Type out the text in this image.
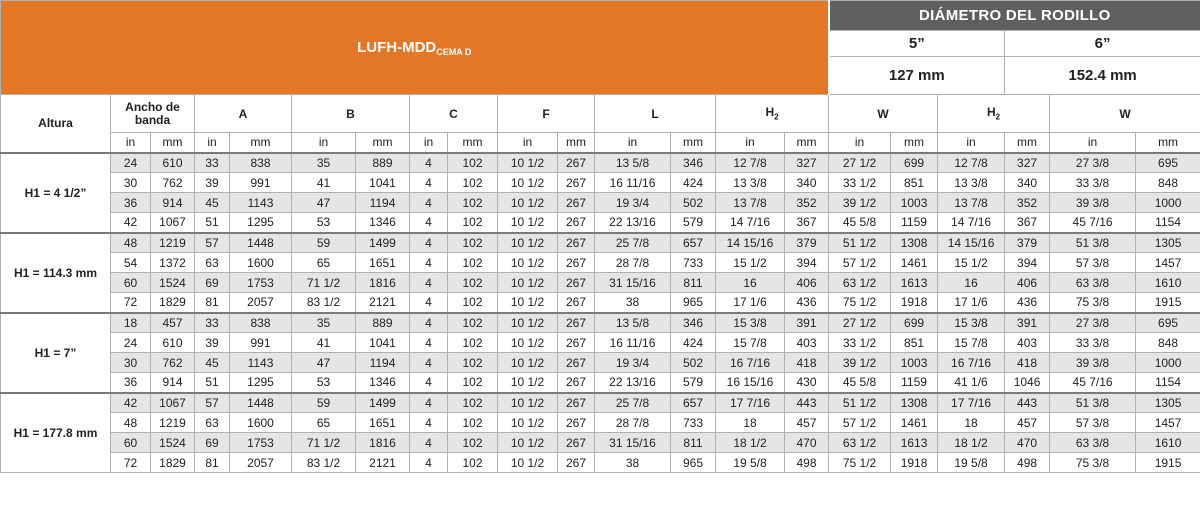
LUFH-$MDD_{CEMA D}$															DIÁMETRO DEL RODILLO					
															5”			6”		
															127 mm			152.4 mm		
Altura	Ancho de banda		A		B		C		F		L		$H_2$		W		$H_2$		W	
	in	mm	in	mm	in	mm	in	mm	in	mm	in	mm	in	mm	in	mm	in	mm	in	mm
H1 = 4 1/2”	24	610	33	838	35	889	4	102	10 1/2	267	13 5/8	346	12 7/8	327	27 1/2	699	12 7/8	327	27 3/8	695
	30	762	39	991	41	1041	4	102	10 1/2	267	16 11/16	424	13 3/8	340	33 1/2	851	13 3/8	340	33 3/8	848
	36	914	45	1143	47	1194	4	102	10 1/2	267	19 3/4	502	13 7/8	352	39 1/2	1003	13 7/8	352	39 3/8	1000
	42	1067	51	1295	53	1346	4	102	10 1/2	267	22 13/16	579	14 7/16	367	45 5/8	1159	14 7/16	367	45 7/16	1154
H1 = 114.3 mm	48	1219	57	1448	59	1499	4	102	10 1/2	267	25 7/8	657	14 15/16	379	51 1/2	1308	14 15/16	379	51 3/8	1305
	54	1372	63	1600	65	1651	4	102	10 1/2	267	28 7/8	733	15 1/2	394	57 1/2	1461	15 1/2	394	57 3/8	1457
	60	1524	69	1753	71 1/2	1816	4	102	10 1/2	267	31 15/16	811	16	406	63 1/2	1613	16	406	63 3/8	1610
	72	1829	81	2057	83 1/2	2121	4	102	10 1/2	267	38	965	17 1/6	436	75 1/2	1918	17 1/6	436	75 3/8	1915
H1 = 7”	18	457	33	838	35	889	4	102	10 1/2	267	13 5/8	346	15 3/8	391	27 1/2	699	15 3/8	391	27 3/8	695
	24	610	39	991	41	1041	4	102	10 1/2	267	16 11/16	424	15 7/8	403	33 1/2	851	15 7/8	403	33 3/8	848
	30	762	45	1143	47	1194	4	102	10 1/2	267	19 3/4	502	16 7/16	418	39 1/2	1003	16 7/16	418	39 3/8	1000
	36	914	51	1295	53	1346	4	102	10 1/2	267	22 13/16	579	16 15/16	430	45 5/8	1159	41 1/6	1046	45 7/16	1154
H1 = 177.8 mm	42	1067	57	1448	59	1499	4	102	10 1/2	267	25 7/8	657	17 7/16	443	51 1/2	1308	17 7/16	443	51 3/8	1305
	48	1219	63	1600	65	1651	4	102	10 1/2	267	28 7/8	733	18	457	57 1/2	1461	18	457	57 3/8	1457
	60	1524	69	1753	71 1/2	1816	4	102	10 1/2	267	31 15/16	811	18 1/2	470	63 1/2	1613	18 1/2	470	63 3/8	1610
	72	1829	81	2057	83 1/2	2121	4	102	10 1/2	267	38	965	19 5/8	498	75 1/2	1918	19 5/8	498	75 3/8	1915
